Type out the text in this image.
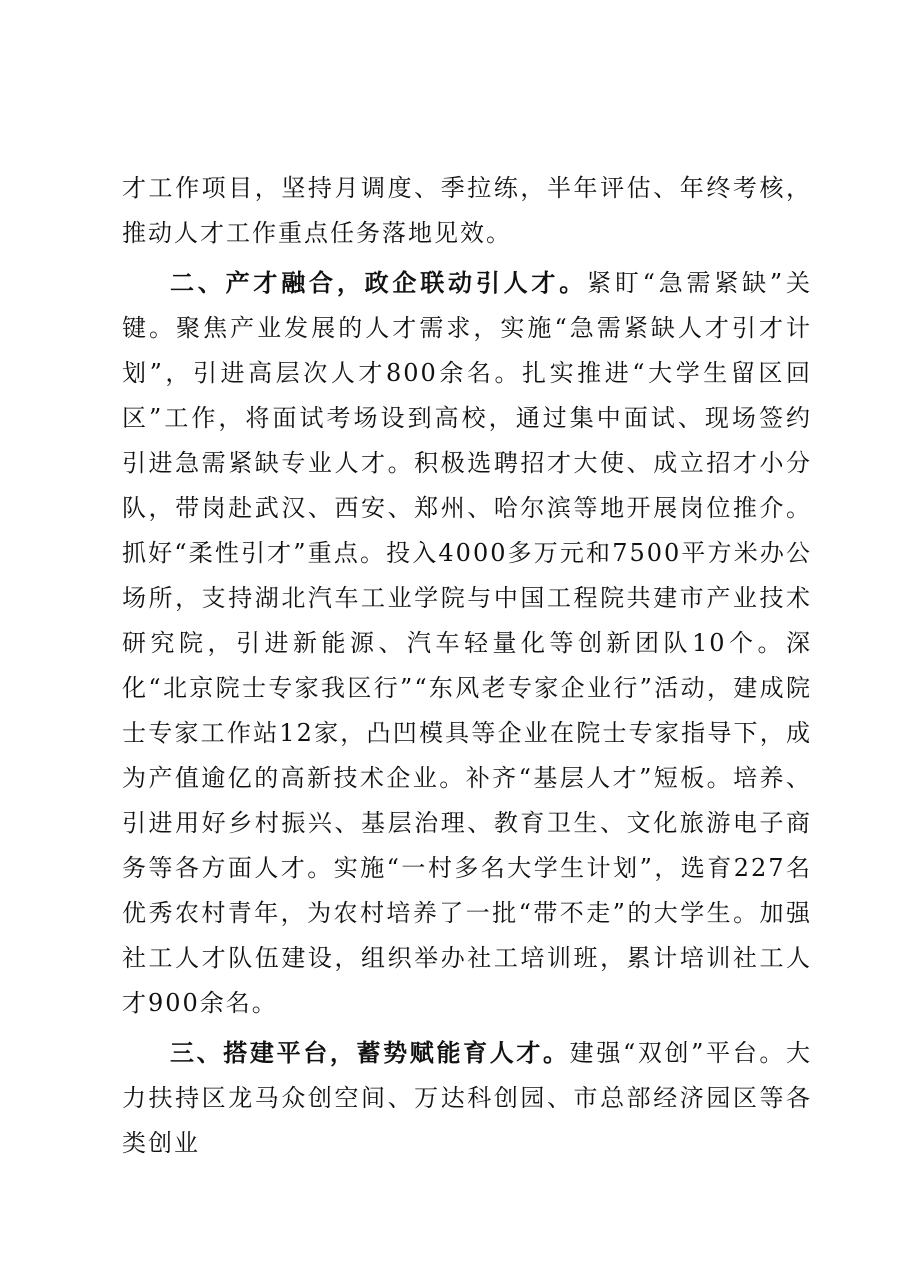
才工作项目，坚持月调度、季拉练，半年评估、年终考核，推动人才工作重点任务落地见效。

二、产才融合，政企联动引人才。紧盯“急需紧缺”关键。聚焦产业发展的人才需求，实施“急需紧缺人才引才计划”，引进高层次人才800余名。扎实推进“大学生留区回区”工作，将面试考场设到高校，通过集中面试、现场签约引进急需紧缺专业人才。积极选聘招才大使、成立招才小分队，带岗赴武汉、西安、郑州、哈尔滨等地开展岗位推介。抓好“柔性引才”重点。投入4000多万元和7500平方米办公场所，支持湖北汽车工业学院与中国工程院共建市产业技术研究院，引进新能源、汽车轻量化等创新团队10个。深化“北京院士专家我区行”“东风老专家企业行”活动，建成院士专家工作站12家，凸凹模具等企业在院士专家指导下，成为产值逾亿的高新技术企业。补齐“基层人才”短板。培养、引进用好乡村振兴、基层治理、教育卫生、文化旅游电子商务等各方面人才。实施“一村多名大学生计划”，选育227名优秀农村青年，为农村培养了一批“带不走”的大学生。加强社工人才队伍建设，组织举办社工培训班，累计培训社工人才900余名。

三、搭建平台，蓄势赋能育人才。建强“双创”平台。大力扶持区龙马众创空间、万达科创园、市总部经济园区等各类创业
